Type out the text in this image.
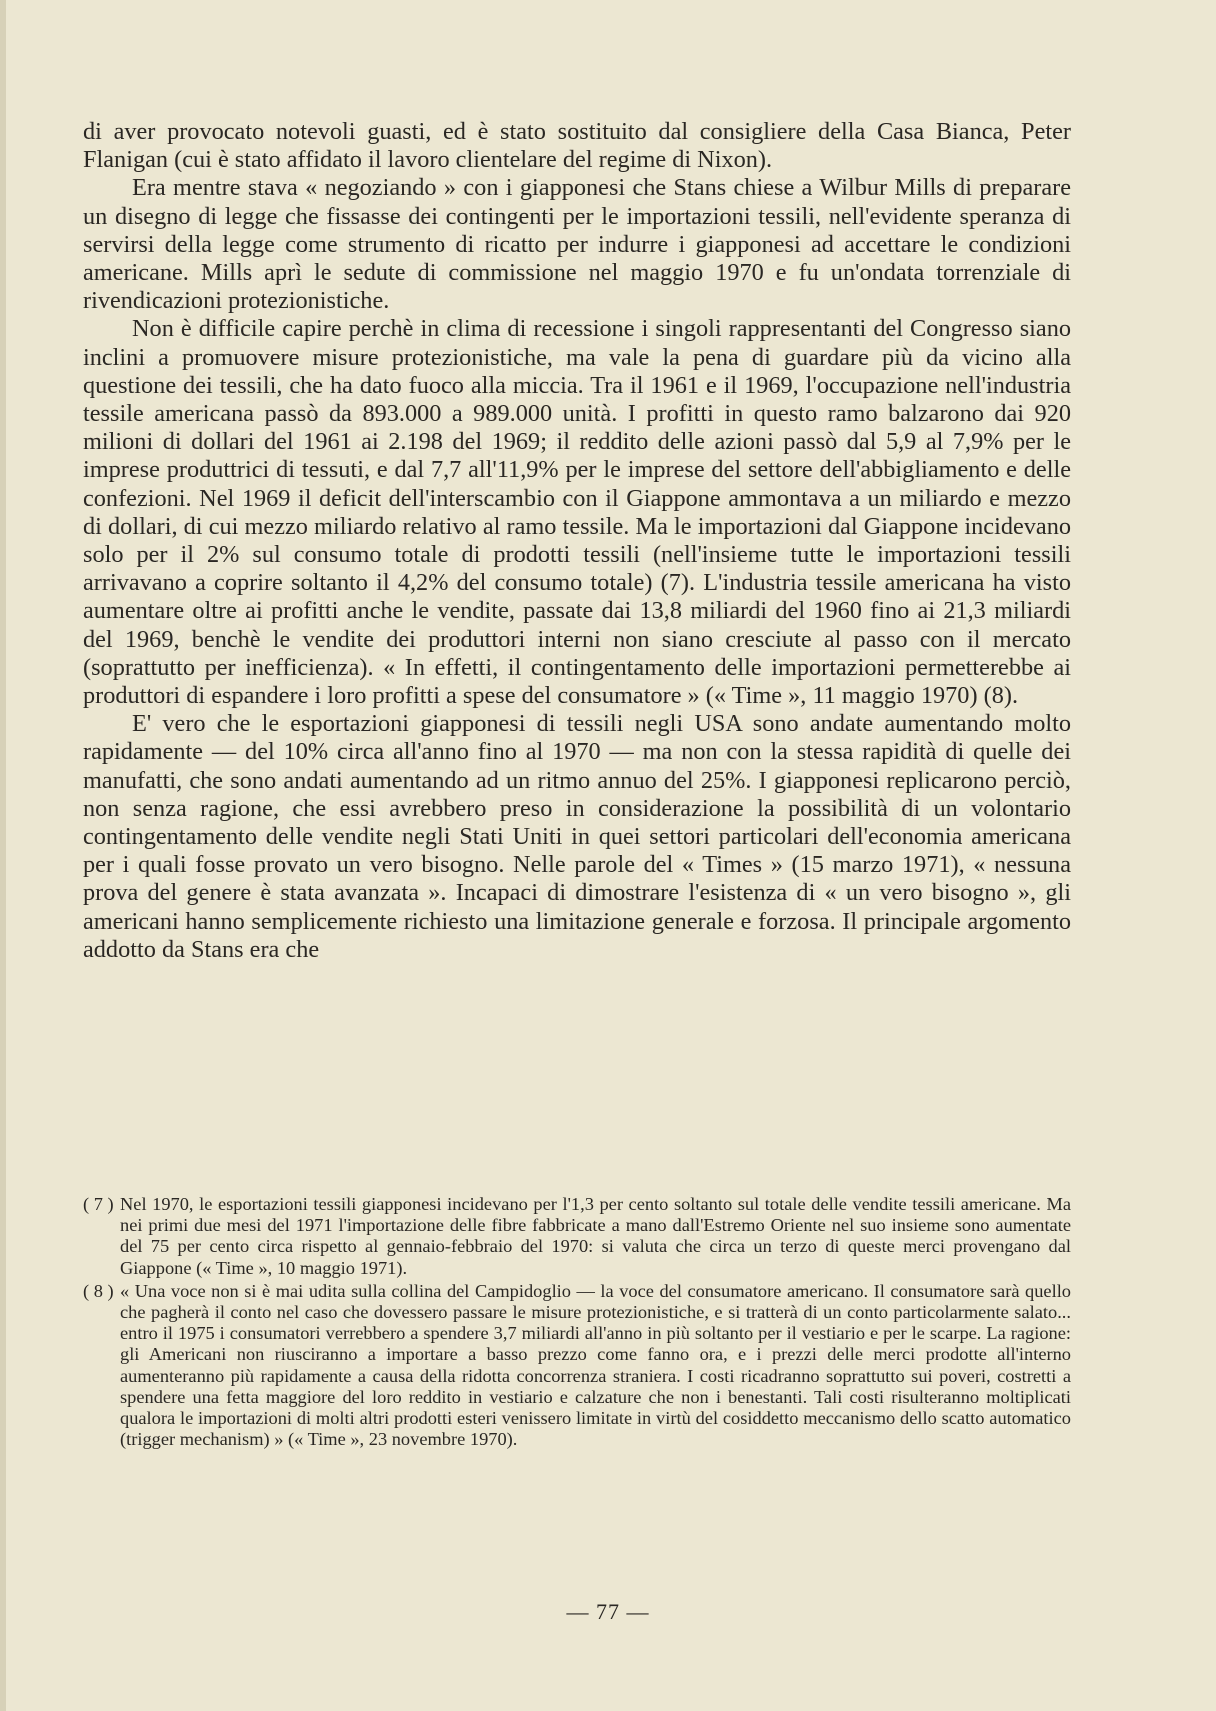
di aver provocato notevoli guasti, ed è stato sostituito dal consigliere della Casa Bianca, Peter Flanigan (cui è stato affidato il lavoro clientelare del regime di Nixon).

Era mentre stava « negoziando » con i giapponesi che Stans chiese a Wilbur Mills di preparare un disegno di legge che fissasse dei contingenti per le importazioni tessili, nell'evidente speranza di servirsi della legge come strumento di ricatto per indurre i giapponesi ad accettare le condizioni americane. Mills aprì le sedute di commissione nel maggio 1970 e fu un'ondata torrenziale di rivendicazioni protezionistiche.

Non è difficile capire perchè in clima di recessione i singoli rappresentanti del Congresso siano inclini a promuovere misure protezionistiche, ma vale la pena di guardare più da vicino alla questione dei tessili, che ha dato fuoco alla miccia. Tra il 1961 e il 1969, l'occupazione nell'industria tessile americana passò da 893.000 a 989.000 unità. I profitti in questo ramo balzarono dai 920 milioni di dollari del 1961 ai 2.198 del 1969; il reddito delle azioni passò dal 5,9 al 7,9% per le imprese produttrici di tessuti, e dal 7,7 all'11,9% per le imprese del settore dell'abbigliamento e delle confezioni. Nel 1969 il deficit dell'interscambio con il Giappone ammontava a un miliardo e mezzo di dollari, di cui mezzo miliardo relativo al ramo tessile. Ma le importazioni dal Giappone incidevano solo per il 2% sul consumo totale di prodotti tessili (nell'insieme tutte le importazioni tessili arrivavano a coprire soltanto il 4,2% del consumo totale) (7). L'industria tessile americana ha visto aumentare oltre ai profitti anche le vendite, passate dai 13,8 miliardi del 1960 fino ai 21,3 miliardi del 1969, benchè le vendite dei produttori interni non siano cresciute al passo con il mercato (soprattutto per inefficienza). « In effetti, il contingentamento delle importazioni permetterebbe ai produttori di espandere i loro profitti a spese del consumatore » (« Time », 11 maggio 1970) (8).

E' vero che le esportazioni giapponesi di tessili negli USA sono andate aumentando molto rapidamente — del 10% circa all'anno fino al 1970 — ma non con la stessa rapidità di quelle dei manufatti, che sono andati aumentando ad un ritmo annuo del 25%. I giapponesi replicarono perciò, non senza ragione, che essi avrebbero preso in considerazione la possibilità di un volontario contingentamento delle vendite negli Stati Uniti in quei settori particolari dell'economia americana per i quali fosse provato un vero bisogno. Nelle parole del « Times » (15 marzo 1971), « nessuna prova del genere è stata avanzata ». Incapaci di dimostrare l'esistenza di « un vero bisogno », gli americani hanno semplicemente richiesto una limitazione generale e forzosa. Il principale argomento addotto da Stans era che

( 7 ) Nel 1970, le esportazioni tessili giapponesi incidevano per l'1,3 per cento soltanto sul totale delle vendite tessili americane. Ma nei primi due mesi del 1971 l'importazione delle fibre fabbricate a mano dall'Estremo Oriente nel suo insieme sono aumentate del 75 per cento circa rispetto al gennaio-febbraio del 1970: si valuta che circa un terzo di queste merci provengano dal Giappone (« Time », 10 maggio 1971).
( 8 ) « Una voce non si è mai udita sulla collina del Campidoglio — la voce del consumatore americano. Il consumatore sarà quello che pagherà il conto nel caso che dovessero passare le misure protezionistiche, e si tratterà di un conto particolarmente salato... entro il 1975 i consumatori verrebbero a spendere 3,7 miliardi all'anno in più soltanto per il vestiario e per le scarpe. La ragione: gli Americani non riusciranno a importare a basso prezzo come fanno ora, e i prezzi delle merci prodotte all'interno aumenteranno più rapidamente a causa della ridotta concorrenza straniera. I costi ricadranno soprattutto sui poveri, costretti a spendere una fetta maggiore del loro reddito in vestiario e calzature che non i benestanti. Tali costi risulteranno moltiplicati qualora le importazioni di molti altri prodotti esteri venissero limitate in virtù del cosiddetto meccanismo dello scatto automatico (trigger mechanism) » (« Time », 23 novembre 1970).
— 77 —
